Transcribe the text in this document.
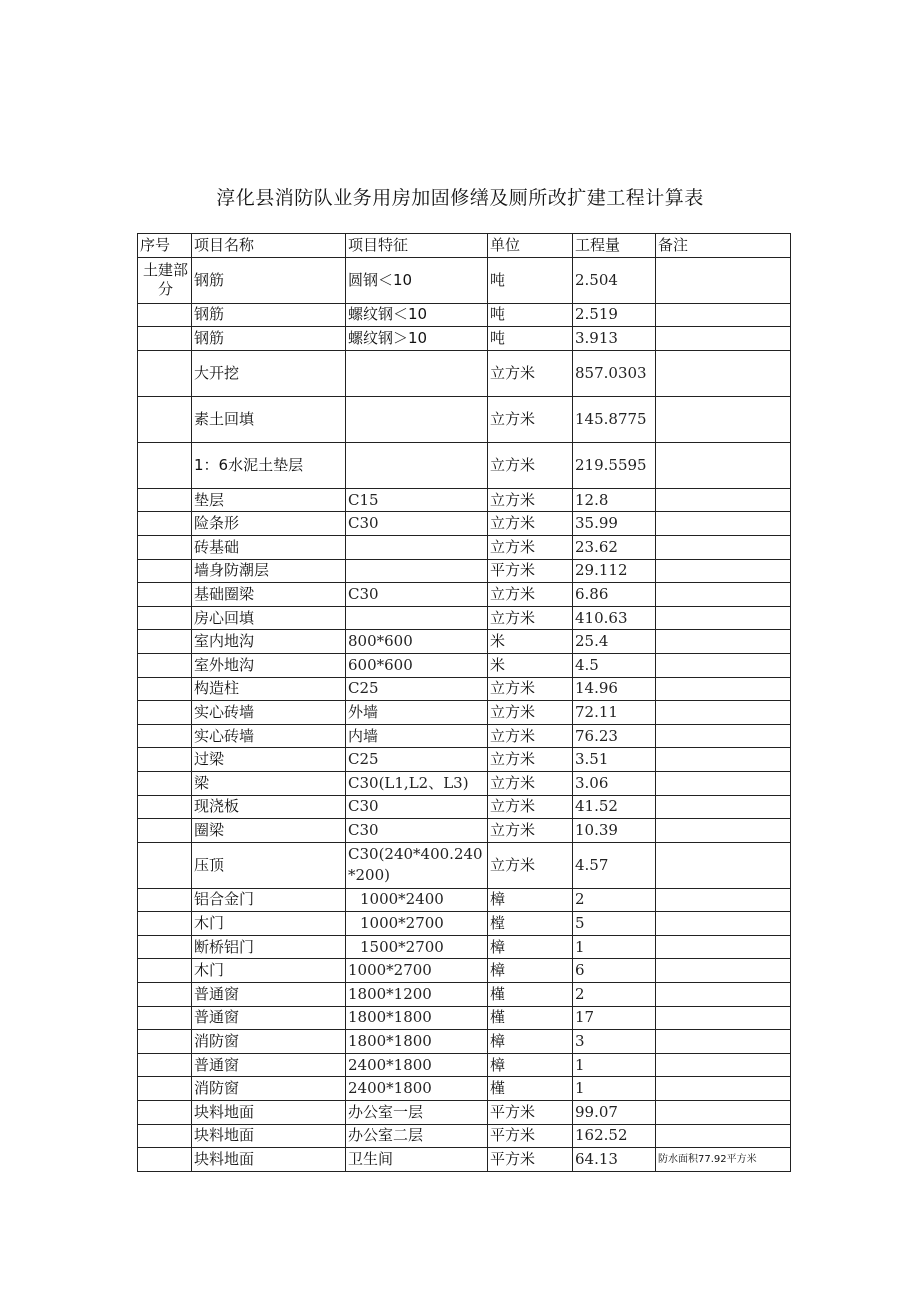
淳化县消防队业务用房加固修缮及厕所改扩建工程计算表
序号	项目名称	项目特征	单位	工程量	备注
土建部分	钢筋	圆钢＜10	吨	2.504	
	钢筋	螺纹钢＜10	吨	2.519	
	钢筋	螺纹钢＞10	吨	3.913	
	大开挖		立方米	857.0303	
	素土回填		立方米	145.8775	
	1：6水泥土垫层		立方米	219.5595	
	垫层	C15	立方米	12.8	
	险条形	C30	立方米	35.99	
	砖基础		立方米	23.62	
	墙身防潮层		平方米	29.112	
	基础圈梁	C30	立方米	6.86	
	房心回填		立方米	410.63	
	室内地沟	800*600	米	25.4	
	室外地沟	600*600	米	4.5	
	构造柱	C25	立方米	14.96	
	实心砖墙	外墙	立方米	72.11	
	实心砖墙	内墙	立方米	76.23	
	过梁	C25	立方米	3.51	
	梁	C30(L1,L2、L3)	立方米	3.06	
	现浇板	C30	立方米	41.52	
	圈梁	C30	立方米	10.39	
	压顶	C30(240*400.240*200)	立方米	4.57	
	铝合金门	1000*2400	樟	2	
	木门	1000*2700	樘	5	
	断桥铝门	1500*2700	樟	1	
	木门	1000*2700	樟	6	
	普通窗	1800*1200	槿	2	
	普通窗	1800*1800	槿	17	
	消防窗	1800*1800	樟	3	
	普通窗	2400*1800	樟	1	
	消防窗	2400*1800	槿	1	
	块料地面	办公室一层	平方米	99.07	
	块料地面	办公室二层	平方米	162.52	
	块料地面	卫生间	平方米	64.13	防水面积77.92平方米
